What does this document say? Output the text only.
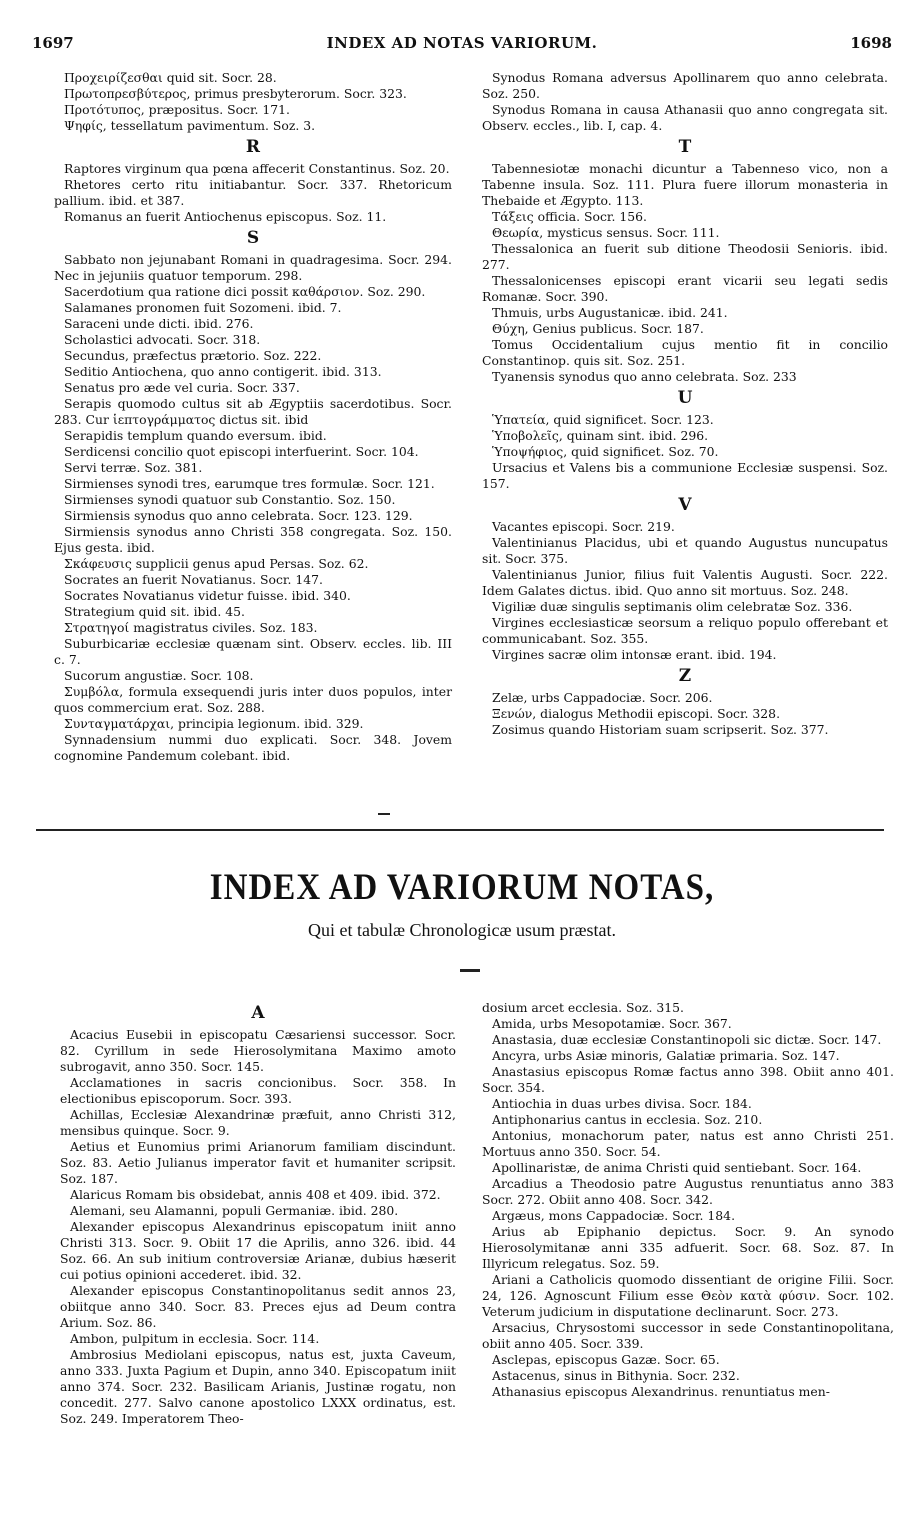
1697	INDEX AD NOTAS VARIORUM.	1698
Προχειρίζεσθαι quid sit. Socr. 28.
Πρωτοπρεσβύτερος, primus presbyterorum. Socr. 323.
Προτότυπος, præpositus. Socr. 171.
Ψηφίς, tessellatum pavimentum. Soz. 3.
R
Raptores virginum qua pœna affecerit Constantinus. Soz. 20.
Rhetores certo ritu initiabantur. Socr. 337. Rhetoricum pallium. ibid. et 387.
Romanus an fuerit Antiochenus episcopus. Soz. 11.
S
Sabbato non jejunabant Romani in quadragesima. Socr. 294. Nec in jejuniis quatuor temporum. 298.
Sacerdotium qua ratione dici possit καθάρσιον. Soz. 290.
Salamanes pronomen fuit Sozomeni. ibid. 7.
Saraceni unde dicti. ibid. 276.
Scholastici advocati. Socr. 318.
Secundus, præfectus prætorio. Soz. 222.
Seditio Antiochena, quo anno contigerit. ibid. 313.
Senatus pro æde vel curia. Socr. 337.
Serapis quomodo cultus sit ab Ægyptiis sacerdotibus. Socr. 283. Cur ἱεπτογράμματος dictus sit. ibid
Serapidis templum quando eversum. ibid.
Serdicensi concilio quot episcopi interfuerint. Socr. 104.
Servi terræ. Soz. 381.
Sirmienses synodi tres, earumque tres formulæ. Socr. 121.
Sirmienses synodi quatuor sub Constantio. Soz. 150.
Sirmiensis synodus quo anno celebrata. Socr. 123. 129.
Sirmiensis synodus anno Christi 358 congregata. Soz. 150. Ejus gesta. ibid.
Σκάφευσις supplicii genus apud Persas. Soz. 62.
Socrates an fuerit Novatianus. Socr. 147.
Socrates Novatianus videtur fuisse. ibid. 340.
Strategium quid sit. ibid. 45.
Στρατηγοί magistratus civiles. Soz. 183.
Suburbicariæ ecclesiæ quænam sint. Observ. eccles. lib. III c. 7.
Sucorum angustiæ. Socr. 108.
Συμβόλα, formula exsequendi juris inter duos populos, inter quos commercium erat. Soz. 288.
Συνταγματάρχαι, principia legionum. ibid. 329.
Synnadensium nummi duo explicati. Socr. 348. Jovem cognomine Pandemum colebant. ibid.
Synodus Romana adversus Apollinarem quo anno celebrata. Soz. 250.
Synodus Romana in causa Athanasii quo anno congregata sit. Observ. eccles., lib. I, cap. 4.
T
Tabennesiotæ monachi dicuntur a Tabenneso vico, non a Tabenne insula. Soz. 111. Plura fuere illorum monasteria in Thebaide et Ægypto. 113.
Τάξεις officia. Socr. 156.
Θεωρία, mysticus sensus. Socr. 111.
Thessalonica an fuerit sub ditione Theodosii Senioris. ibid. 277.
Thessalonicenses episcopi erant vicarii seu legati sedis Romanæ. Socr. 390.
Thmuis, urbs Augustanicæ. ibid. 241.
Θύχη, Genius publicus. Socr. 187.
Tomus Occidentalium cujus mentio fit in concilio Constantinop. quis sit. Soz. 251.
Tyanensis synodus quo anno celebrata. Soz. 233
U
Ὑπατεία, quid significet. Socr. 123.
Ὑποβολεῖς, quinam sint. ibid. 296.
Ὑποψήφιος, quid significet. Soz. 70.
Ursacius et Valens bis a communione Ecclesiæ suspensi. Soz. 157.
V
Vacantes episcopi. Socr. 219.
Valentinianus Placidus, ubi et quando Augustus nuncupatus sit. Socr. 375.
Valentinianus Junior, filius fuit Valentis Augusti. Socr. 222. Idem Galates dictus. ibid. Quo anno sit mortuus. Soz. 248.
Vigiliæ duæ singulis septimanis olim celebratæ Soz. 336.
Virgines ecclesiasticæ seorsum a reliquo populo offerebant et communicabant. Soz. 355.
Virgines sacræ olim intonsæ erant. ibid. 194.
Z
Zelæ, urbs Cappadociæ. Socr. 206.
Ξενών, dialogus Methodii episcopi. Socr. 328.
Zosimus quando Historiam suam scripserit. Soz. 377.
INDEX AD VARIORUM NOTAS,
Qui et tabulæ Chronologicæ usum præstat.
A
Acacius Eusebii in episcopatu Cæsariensi successor. Socr. 82. Cyrillum in sede Hierosolymitana Maximo amoto subrogavit, anno 350. Socr. 145.
Acclamationes in sacris concionibus. Socr. 358. In electionibus episcoporum. Socr. 393.
Achillas, Ecclesiæ Alexandrinæ præfuit, anno Christi 312, mensibus quinque. Socr. 9.
Aetius et Eunomius primi Arianorum familiam discindunt. Soz. 83. Aetio Julianus imperator favit et humaniter scripsit. Soz. 187.
Alaricus Romam bis obsidebat, annis 408 et 409. ibid. 372.
Alemani, seu Alamanni, populi Germaniæ. ibid. 280.
Alexander episcopus Alexandrinus episcopatum iniit anno Christi 313. Socr. 9. Obiit 17 die Aprilis, anno 326. ibid. 44 Soz. 66. An sub initium controversiæ Arianæ, dubius hæserit cui potius opinioni accederet. ibid. 32.
Alexander episcopus Constantinopolitanus sedit annos 23, obiitque anno 340. Socr. 83. Preces ejus ad Deum contra Arium. Soz. 86.
Ambon, pulpitum in ecclesia. Socr. 114.
Ambrosius Mediolani episcopus, natus est, juxta Caveum, anno 333. Juxta Pagium et Dupin, anno 340. Episcopatum iniit anno 374. Socr. 232. Basilicam Arianis, Justinæ rogatu, non concedit. 277. Salvo canone apostolico LXXX ordinatus, est. Soz. 249. Imperatorem Theo-
dosium arcet ecclesia. Soz. 315.
Amida, urbs Mesopotamiæ. Socr. 367.
Anastasia, duæ ecclesiæ Constantinopoli sic dictæ. Socr. 147.
Ancyra, urbs Asiæ minoris, Galatiæ primaria. Soz. 147.
Anastasius episcopus Romæ factus anno 398. Obiit anno 401. Socr. 354.
Antiochia in duas urbes divisa. Socr. 184.
Antiphonarius cantus in ecclesia. Soz. 210.
Antonius, monachorum pater, natus est anno Christi 251. Mortuus anno 350. Socr. 54.
Apollinaristæ, de anima Christi quid sentiebant. Socr. 164.
Arcadius a Theodosio patre Augustus renuntiatus anno 383 Socr. 272. Obiit anno 408. Socr. 342.
Argæus, mons Cappadociæ. Socr. 184.
Arius ab Epiphanio depictus. Socr. 9. An synodo Hierosolymitanæ anni 335 adfuerit. Socr. 68. Soz. 87. In Illyricum relegatus. Soz. 59.
Ariani a Catholicis quomodo dissentiant de origine Filii. Socr. 24, 126. Agnoscunt Filium esse Θεὸν κατὰ φύσιν. Socr. 102. Veterum judicium in disputatione declinarunt. Socr. 273.
Arsacius, Chrysostomi successor in sede Constantinopolitana, obiit anno 405. Socr. 339.
Asclepas, episcopus Gazæ. Socr. 65.
Astacenus, sinus in Bithynia. Socr. 232.
Athanasius episcopus Alexandrinus. renuntiatus men-
